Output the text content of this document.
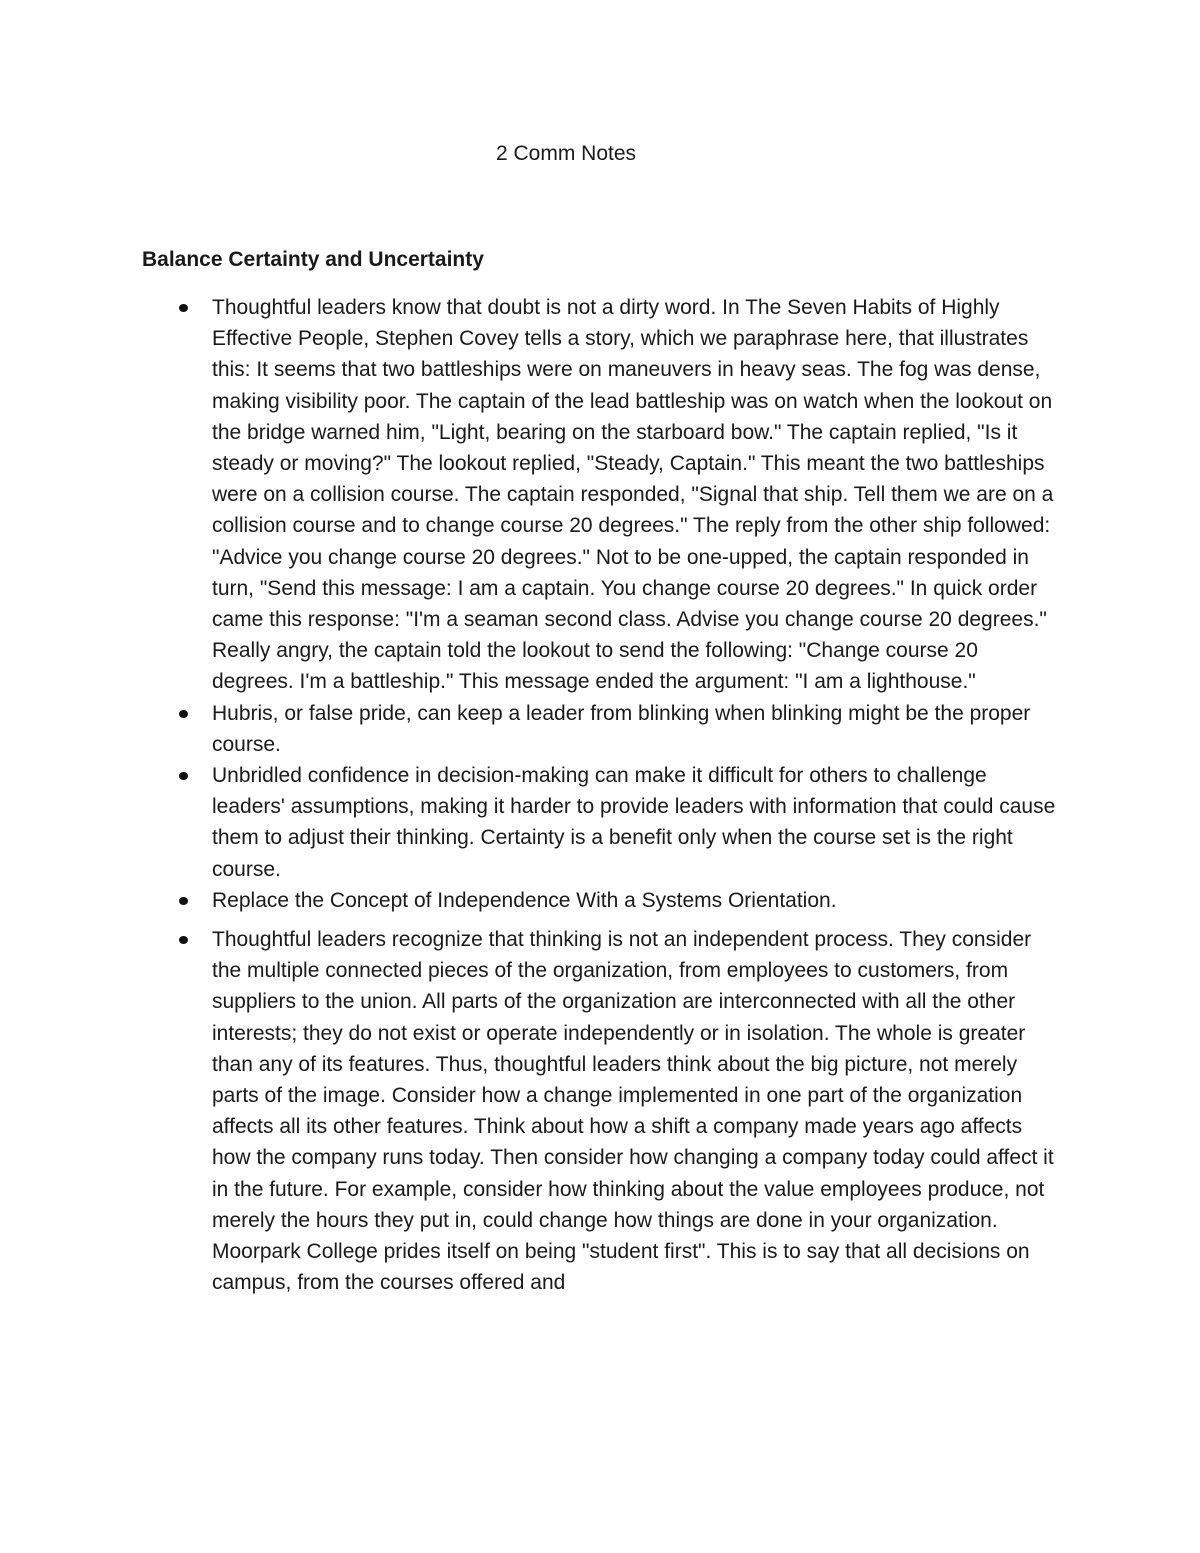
2 Comm Notes
Balance Certainty and Uncertainty
Thoughtful leaders know that doubt is not a dirty word. In The Seven Habits of Highly Effective People, Stephen Covey tells a story, which we paraphrase here, that illustrates this: It seems that two battleships were on maneuvers in heavy seas. The fog was dense, making visibility poor. The captain of the lead battleship was on watch when the lookout on the bridge warned him, "Light, bearing on the starboard bow." The captain replied, "Is it steady or moving?" The lookout replied, "Steady, Captain." This meant the two battleships were on a collision course. The captain responded, "Signal that ship. Tell them we are on a collision course and to change course 20 degrees." The reply from the other ship followed: "Advice you change course 20 degrees." Not to be one-upped, the captain responded in turn, "Send this message: I am a captain. You change course 20 degrees." In quick order came this response: "I'm a seaman second class. Advise you change course 20 degrees." Really angry, the captain told the lookout to send the following: "Change course 20 degrees. I'm a battleship." This message ended the argument: "I am a lighthouse."
Hubris, or false pride, can keep a leader from blinking when blinking might be the proper course.
Unbridled confidence in decision-making can make it difficult for others to challenge leaders' assumptions, making it harder to provide leaders with information that could cause them to adjust their thinking. Certainty is a benefit only when the course set is the right course.
Replace the Concept of Independence With a Systems Orientation.
Thoughtful leaders recognize that thinking is not an independent process. They consider the multiple connected pieces of the organization, from employees to customers, from suppliers to the union. All parts of the organization are interconnected with all the other interests; they do not exist or operate independently or in isolation. The whole is greater than any of its features. Thus, thoughtful leaders think about the big picture, not merely parts of the image. Consider how a change implemented in one part of the organization affects all its other features. Think about how a shift a company made years ago affects how the company runs today. Then consider how changing a company today could affect it in the future. For example, consider how thinking about the value employees produce, not merely the hours they put in, could change how things are done in your organization. Moorpark College prides itself on being "student first". This is to say that all decisions on campus, from the courses offered and
